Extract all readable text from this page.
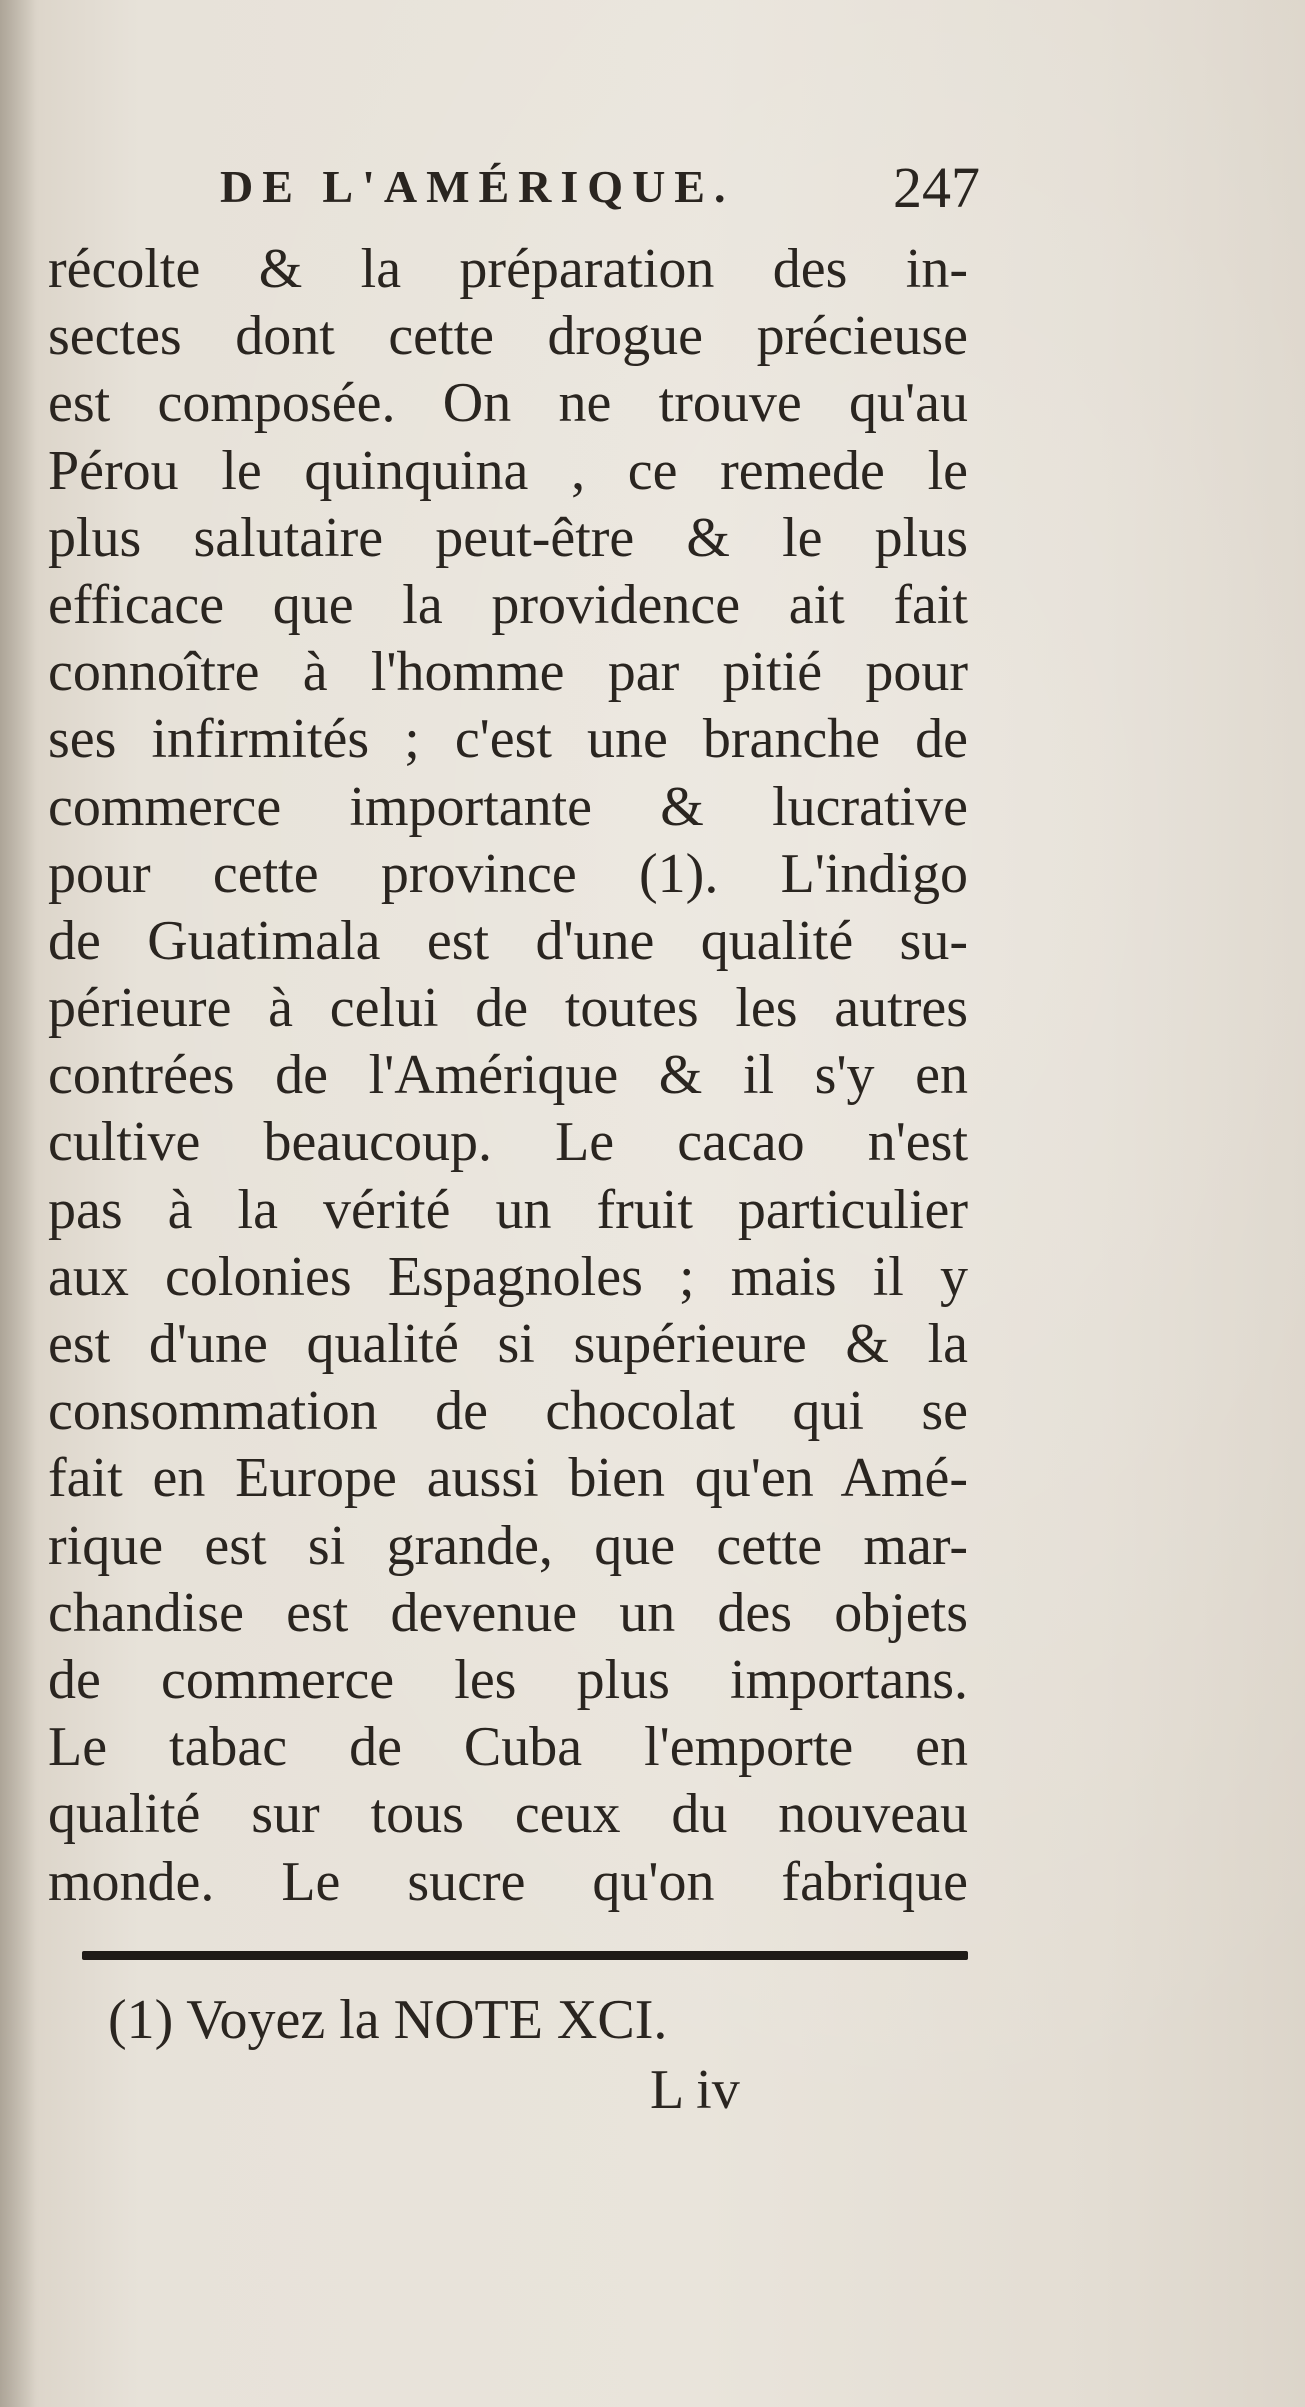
DE L'AMÉRIQUE.	247
récolte & la préparation des in-
sectes dont cette drogue précieuse
est composée. On ne trouve qu'au
Pérou le quinquina , ce remede le
plus salutaire peut-être & le plus
efficace que la providence ait fait
connoître à l'homme par pitié pour
ses infirmités ; c'est une branche de
commerce importante & lucrative
pour cette province (1). L'indigo
de Guatimala est d'une qualité su-
périeure à celui de toutes les autres
contrées de l'Amérique & il s'y en
cultive beaucoup. Le cacao n'est
pas à la vérité un fruit particulier
aux colonies Espagnoles ; mais il y
est d'une qualité si supérieure & la
consommation de chocolat qui se
fait en Europe aussi bien qu'en Amé-
rique est si grande, que cette mar-
chandise est devenue un des objets
de commerce les plus importans.
Le tabac de Cuba l'emporte en
qualité sur tous ceux du nouveau
monde. Le sucre qu'on fabrique
(1) Voyez la NOTE XCI.
L iv
